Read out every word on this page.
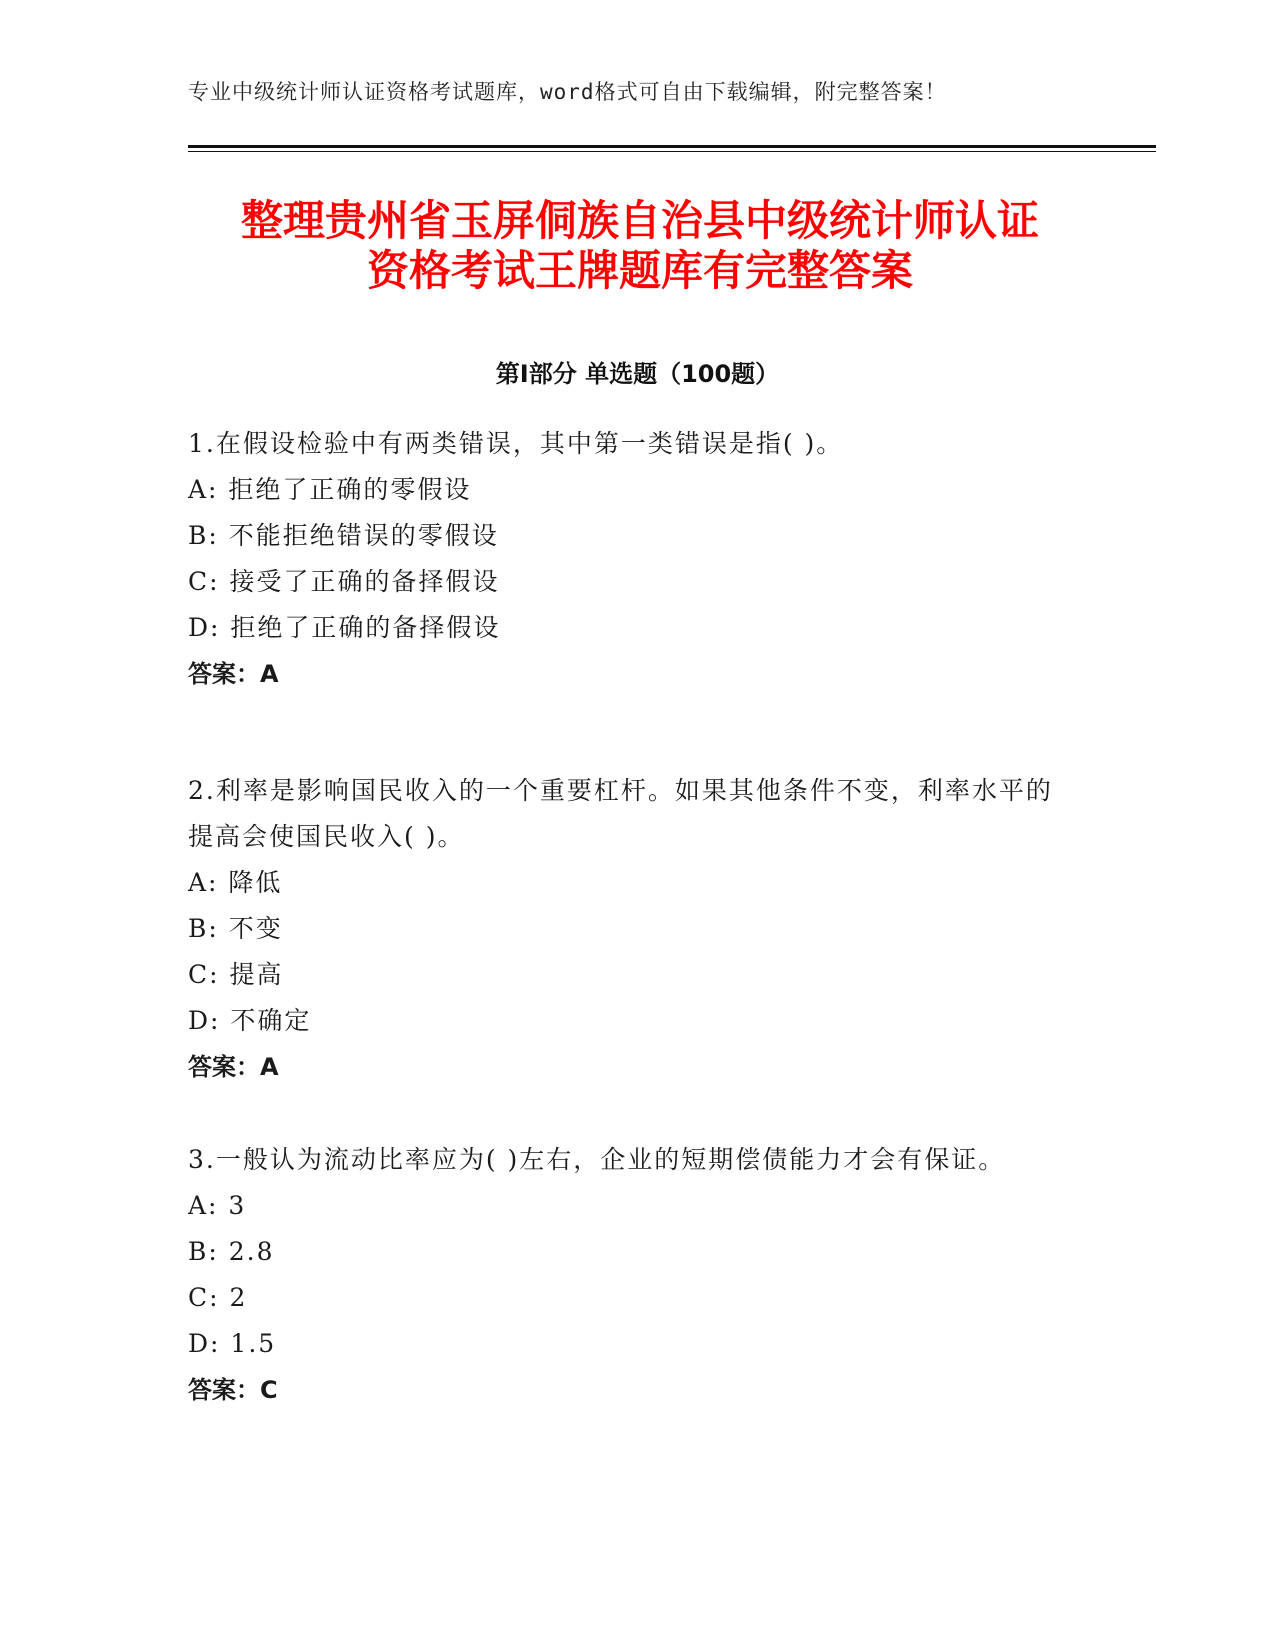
专业中级统计师认证资格考试题库，word格式可自由下载编辑，附完整答案！
整理贵州省玉屏侗族自治县中级统计师认证
资格考试王牌题库有完整答案
第Ⅰ部分 单选题（100题）

1.在假设检验中有两类错误，其中第一类错误是指( )。

A: 拒绝了正确的零假设

B: 不能拒绝错误的零假设

C: 接受了正确的备择假设

D: 拒绝了正确的备择假设

答案：A

2.利率是影响国民收入的一个重要杠杆。如果其他条件不变，利率水平的提高会使国民收入( )。

A: 降低

B: 不变

C: 提高

D: 不确定

答案：A

3.一般认为流动比率应为( )左右，企业的短期偿债能力才会有保证。

A: 3

B: 2.8

C: 2

D: 1.5

答案：C
